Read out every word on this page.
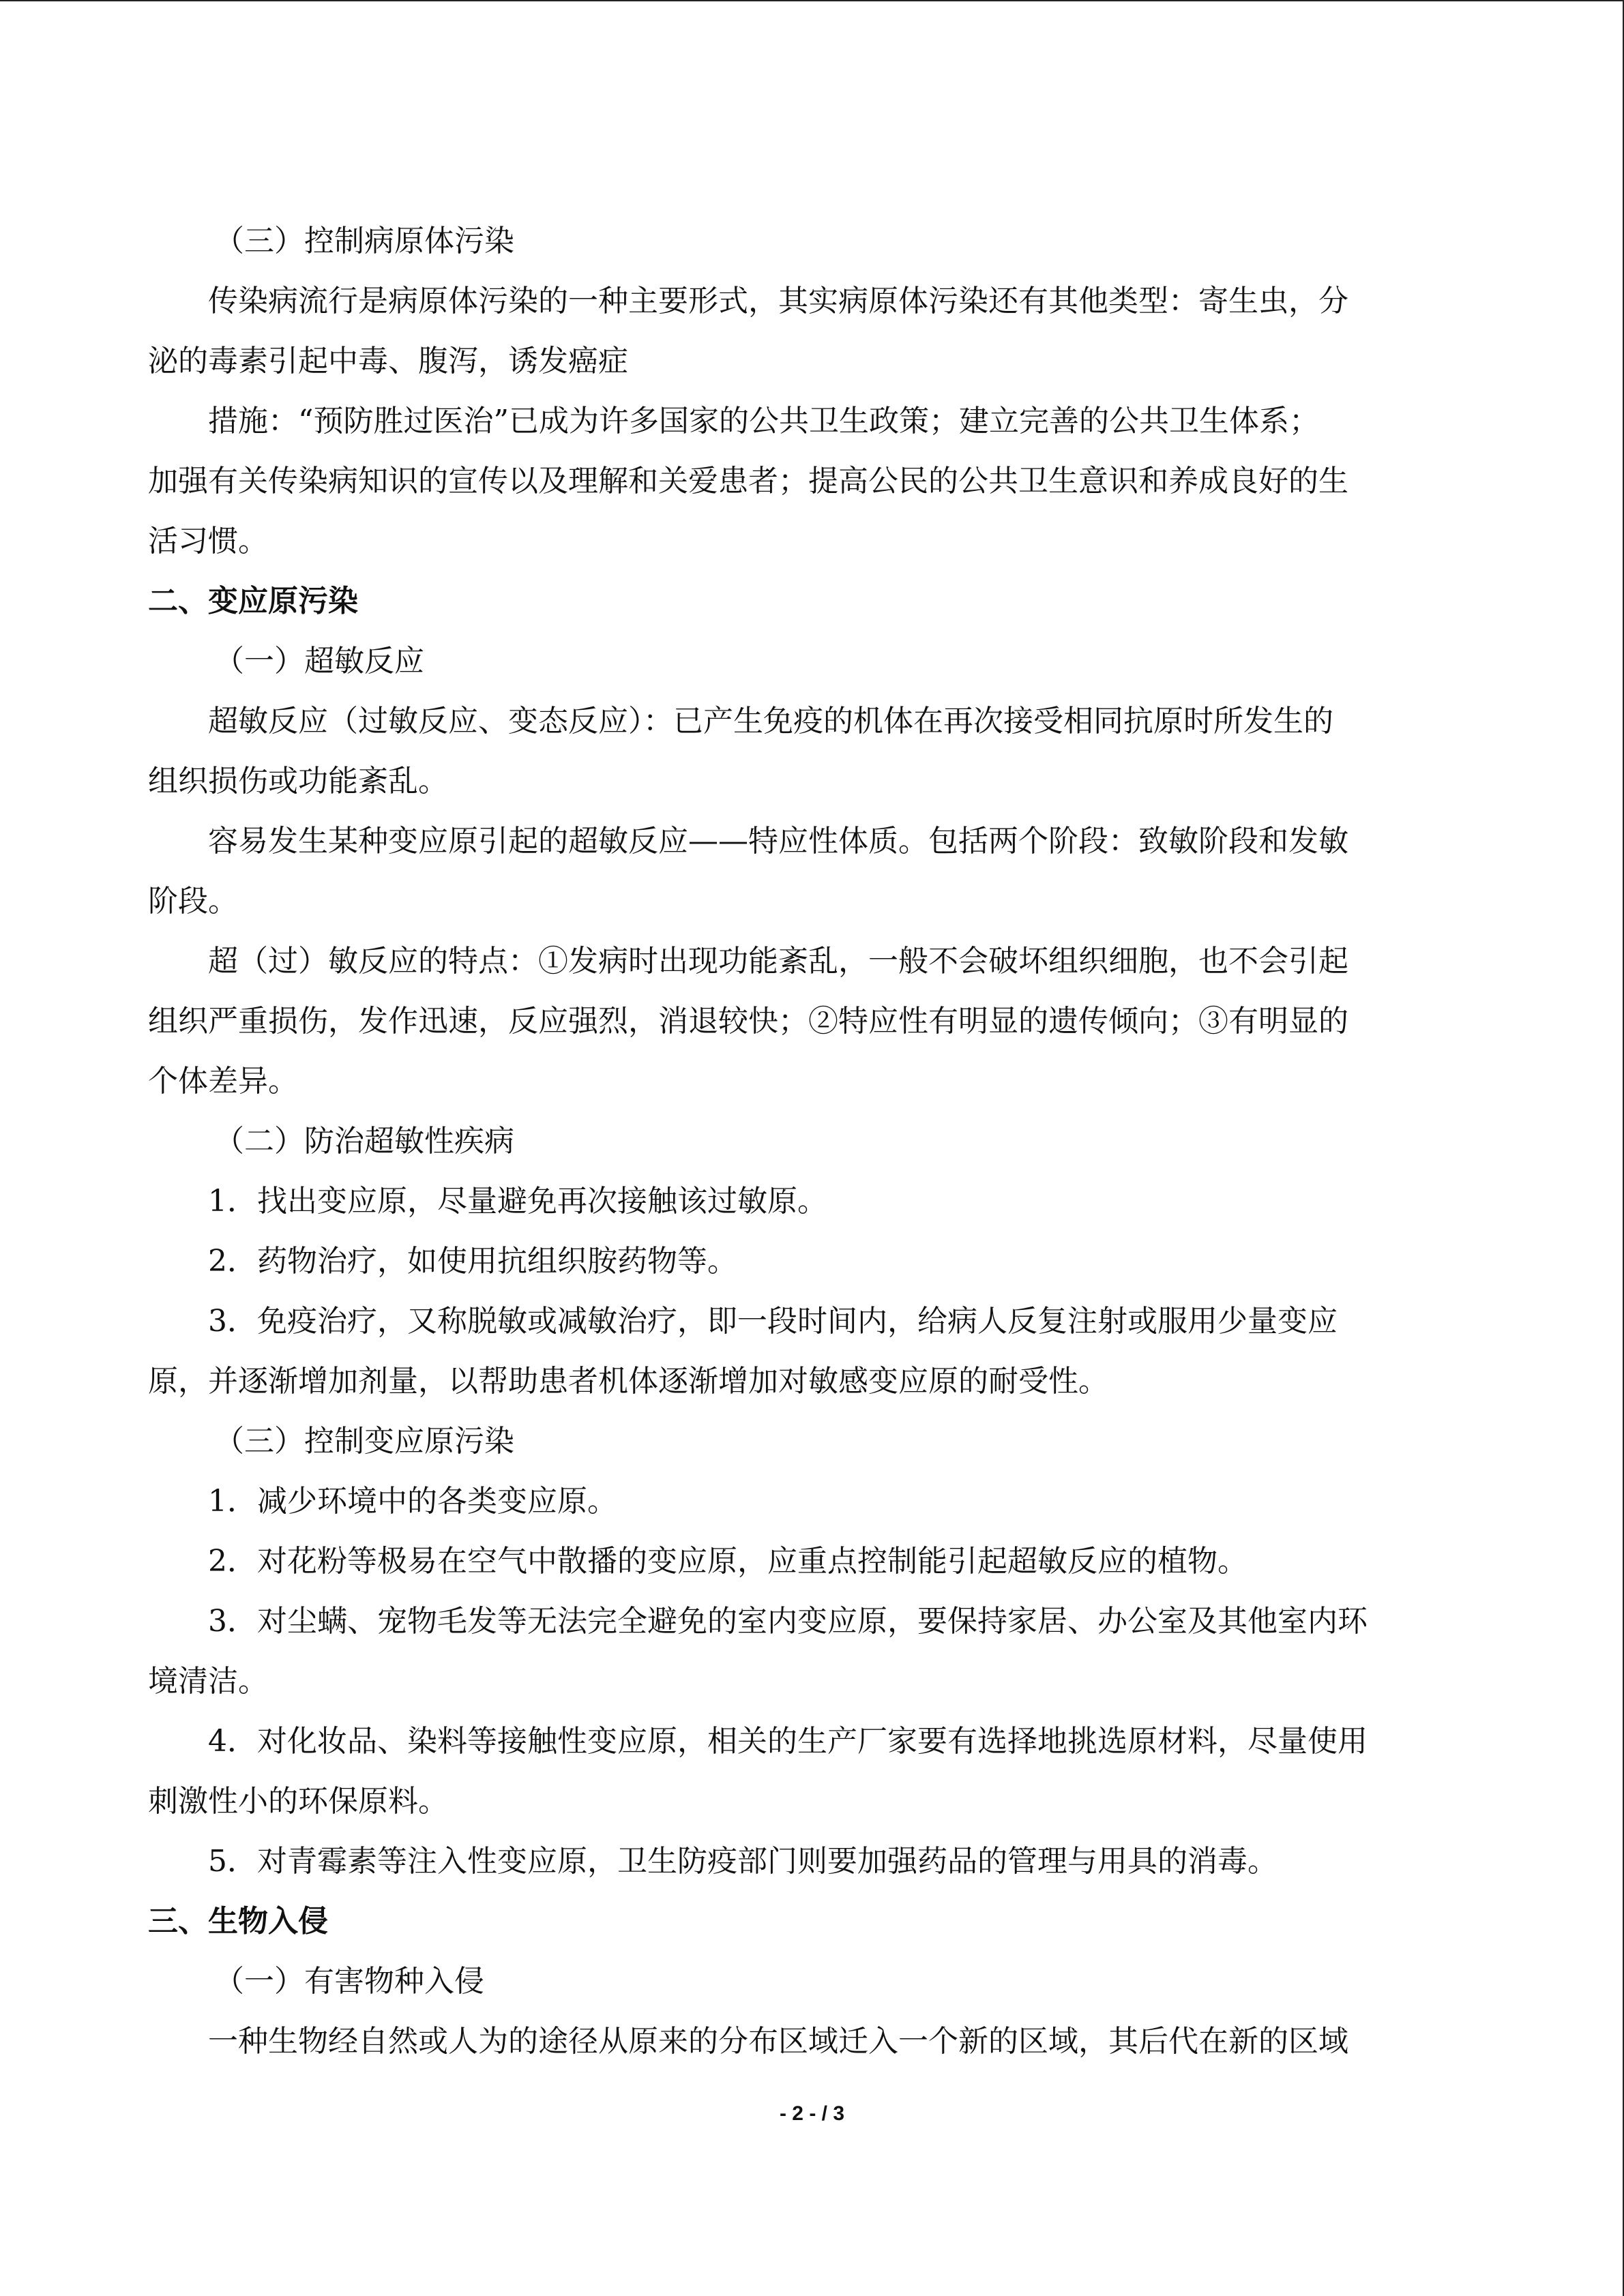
（三）控制病原体污染
传染病流行是病原体污染的一种主要形式，其实病原体污染还有其他类型：寄生虫，分
泌的毒素引起中毒、腹泻，诱发癌症
措施：“预防胜过医治”已成为许多国家的公共卫生政策；建立完善的公共卫生体系；
加强有关传染病知识的宣传以及理解和关爱患者；提高公民的公共卫生意识和养成良好的生
活习惯。
二、变应原污染
（一）超敏反应
超敏反应（过敏反应、变态反应）：已产生免疫的机体在再次接受相同抗原时所发生的
组织损伤或功能紊乱。
容易发生某种变应原引起的超敏反应——特应性体质。包括两个阶段：致敏阶段和发敏
阶段。
超（过）敏反应的特点：①发病时出现功能紊乱，一般不会破坏组织细胞，也不会引起
组织严重损伤，发作迅速，反应强烈，消退较快；②特应性有明显的遗传倾向；③有明显的
个体差异。
（二）防治超敏性疾病
1．找出变应原，尽量避免再次接触该过敏原。
2．药物治疗，如使用抗组织胺药物等。
3．免疫治疗，又称脱敏或减敏治疗，即一段时间内，给病人反复注射或服用少量变应
原，并逐渐增加剂量，以帮助患者机体逐渐增加对敏感变应原的耐受性。
（三）控制变应原污染
1．减少环境中的各类变应原。
2．对花粉等极易在空气中散播的变应原，应重点控制能引起超敏反应的植物。
3．对尘螨、宠物毛发等无法完全避免的室内变应原，要保持家居、办公室及其他室内环
境清洁。
4．对化妆品、染料等接触性变应原，相关的生产厂家要有选择地挑选原材料，尽量使用
刺激性小的环保原料。
5．对青霉素等注入性变应原，卫生防疫部门则要加强药品的管理与用具的消毒。
三、生物入侵
（一）有害物种入侵
一种生物经自然或人为的途径从原来的分布区域迁入一个新的区域，其后代在新的区域
- 2 - / 3
